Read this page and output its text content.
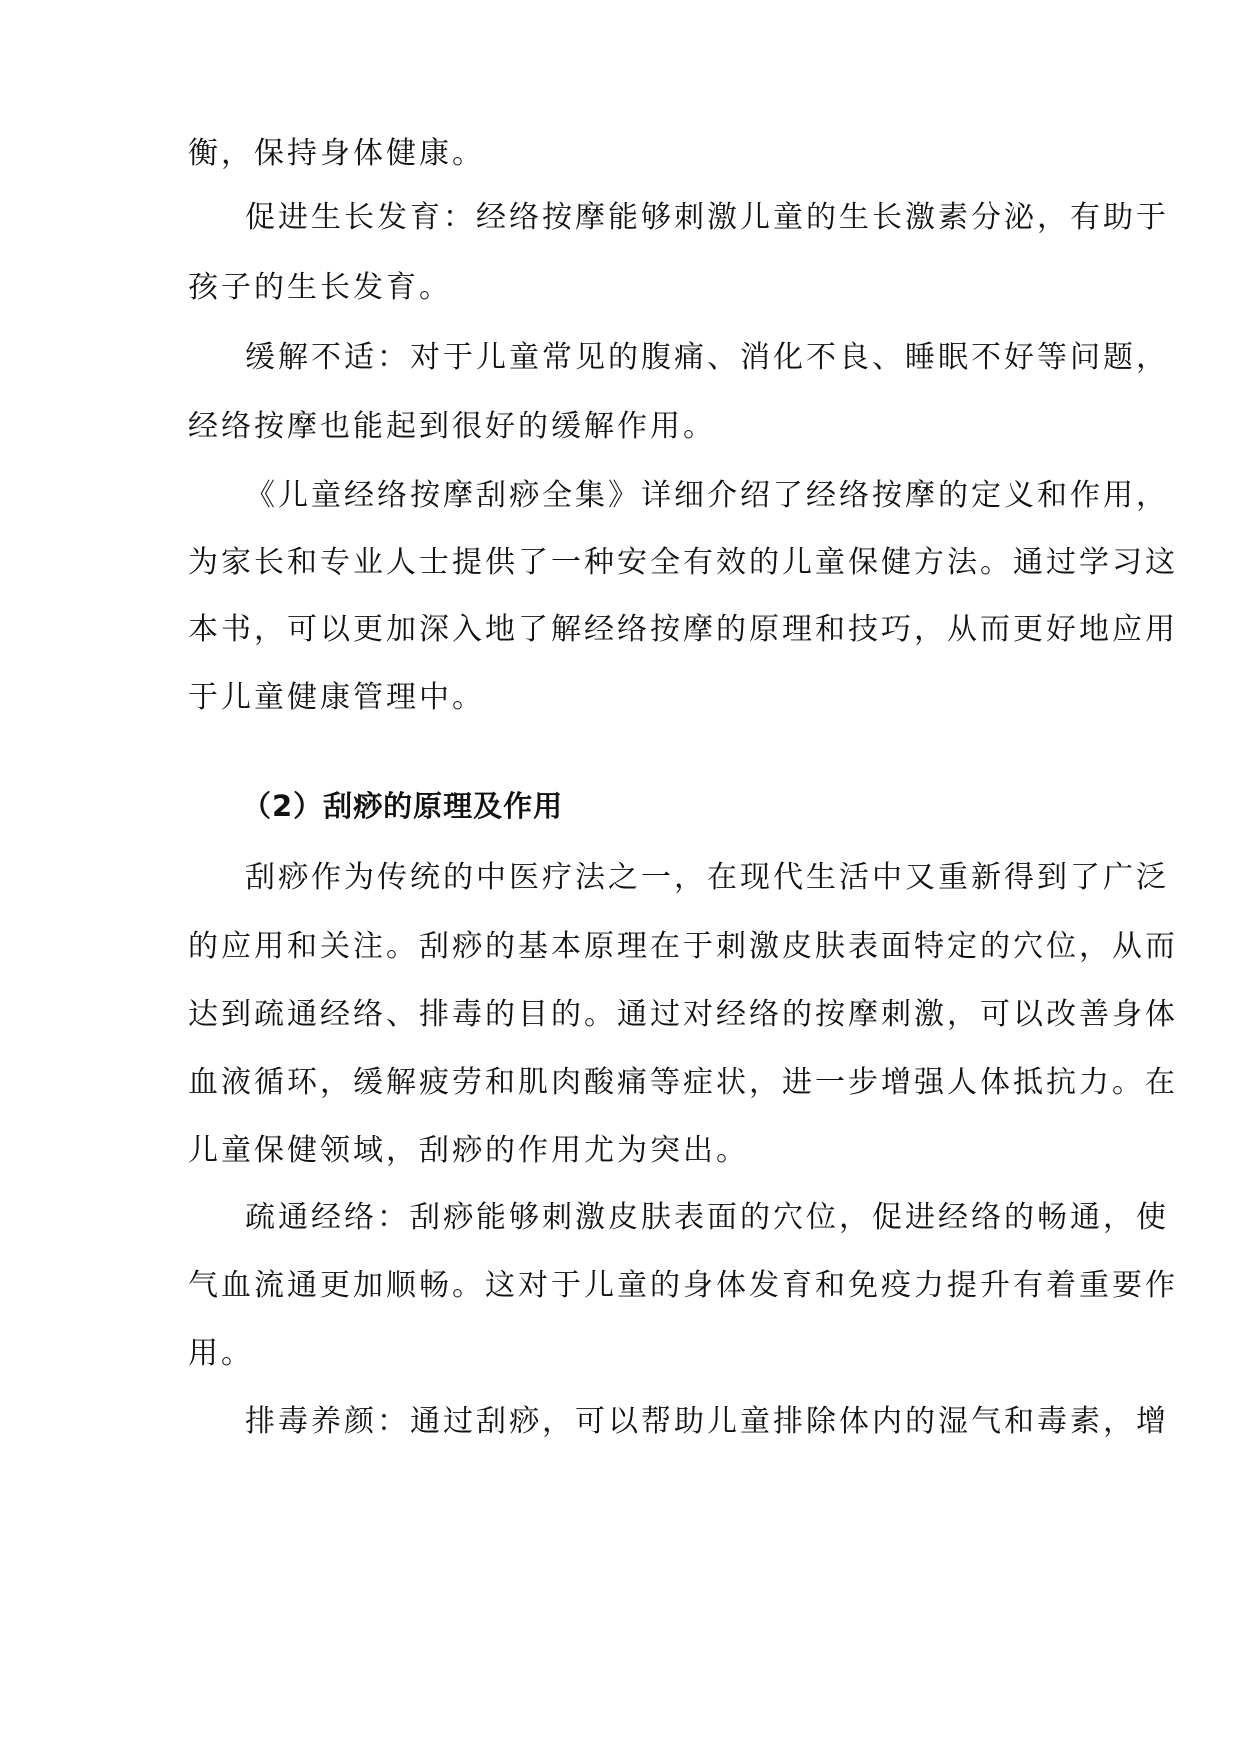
衡，保持身体健康。
促进生长发育：经络按摩能够刺激儿童的生长激素分泌，有助于
孩子的生长发育。
缓解不适：对于儿童常见的腹痛、消化不良、睡眠不好等问题，
经络按摩也能起到很好的缓解作用。
《儿童经络按摩刮痧全集》详细介绍了经络按摩的定义和作用，
为家长和专业人士提供了一种安全有效的儿童保健方法。通过学习这
本书，可以更加深入地了解经络按摩的原理和技巧，从而更好地应用
于儿童健康管理中。
（2）刮痧的原理及作用
刮痧作为传统的中医疗法之一，在现代生活中又重新得到了广泛
的应用和关注。刮痧的基本原理在于刺激皮肤表面特定的穴位，从而
达到疏通经络、排毒的目的。通过对经络的按摩刺激，可以改善身体
血液循环，缓解疲劳和肌肉酸痛等症状，进一步增强人体抵抗力。在
儿童保健领域，刮痧的作用尤为突出。
疏通经络：刮痧能够刺激皮肤表面的穴位，促进经络的畅通，使
气血流通更加顺畅。这对于儿童的身体发育和免疫力提升有着重要作
用。
排毒养颜：通过刮痧，可以帮助儿童排除体内的湿气和毒素，增
